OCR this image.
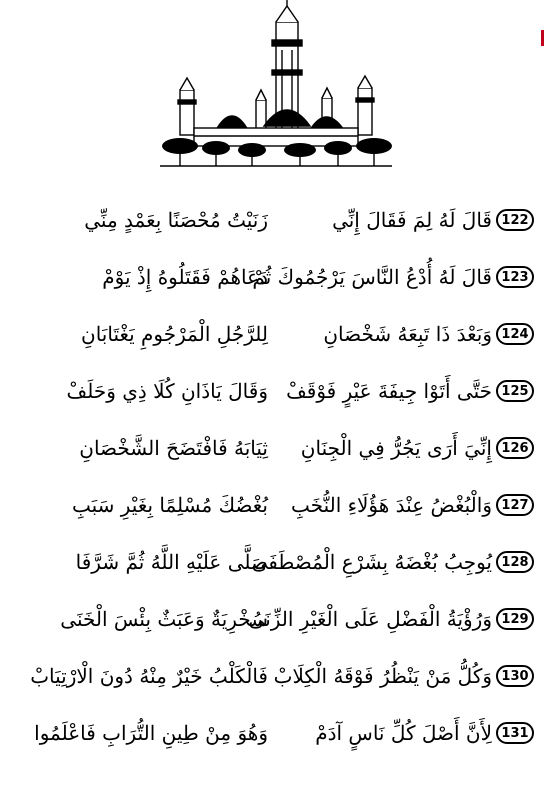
122
قَالَ لَهُ لِمَ فَقَالَ إِنِّي
زَنَيْتُ مُحْصَنًا بِعَمْدٍ مِنِّي
123
قَالَ لَهُ أُدْعُ النَّاسَ يَرْجُمُوكَ ثُمْ
دَعَاهُمْ فَقَتَلُوهُ إِذْ يَوْمْ
124
وَبَعْدَ ذَا تَبِعَهُ شَخْصَانِ
لِلرَّجُلِ الْمَرْجُومِ يَغْتَابَانِ
125
حَتَّى أَتَوْا جِيفَةَ عَيْرٍ فَوْقَفْ
وَقَالَ يَاذَانِ كُلَا ذِي وَحَلَفْ
126
إِنِّيَ أَرَى يَجُرُّ فِي الْجِنَانِ
ثِيَابَهُ فَافْتَضَحَ الشَّخْصَانِ
127
وَالْبُغْضُ عِنْدَ هَؤُلَاءِ النُّخَبِ
بُغْضُكَ مُسْلِمًا بِغَيْرِ سَبَبِ
128
يُوجِبُ بُغْضَهُ بِشَرْعِ الْمُصْطَفَى
صَلَّى عَلَيْهِ اللَّهُ ثُمَّ شَرَّفَا
129
وَرُؤْيَةُ الْفَضْلِ عَلَى الْغَيْرِ الزِّنَى
سُخْرِيَةٌ وَعَبَثٌ بِئْسَ الْخَنَى
130
وَكُلُّ مَنْ يَنْظُرُ فَوْقَهُ الْكِلَابْ
فَالْكَلْبُ خَيْرٌ مِنْهُ دُونَ الْارْتِيَابْ
131
لِأَنَّ أَصْلَ كُلِّ نَاسٍ آدَمْ
وَهُوَ مِنْ طِينِ التُّرَابِ فَاعْلَمُوا
